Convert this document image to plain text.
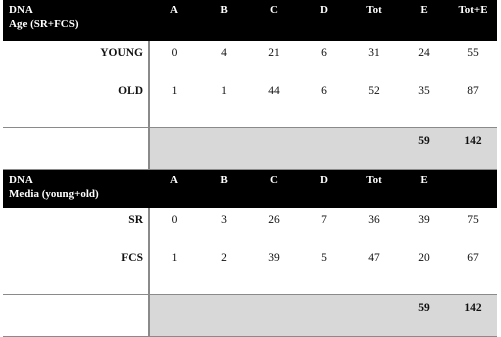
DNA
Age (SR+FCS)	A	B	C	D	Tot	E	Tot+E
YOUNG	0	4	21	6	31	24	55
OLD	1	1	44	6	52	35	87

						59	142
DNA
Media (young+old)	A	B	C	D	Tot	E	
SR	0	3	26	7	36	39	75
FCS	1	2	39	5	47	20	67

						59	142
